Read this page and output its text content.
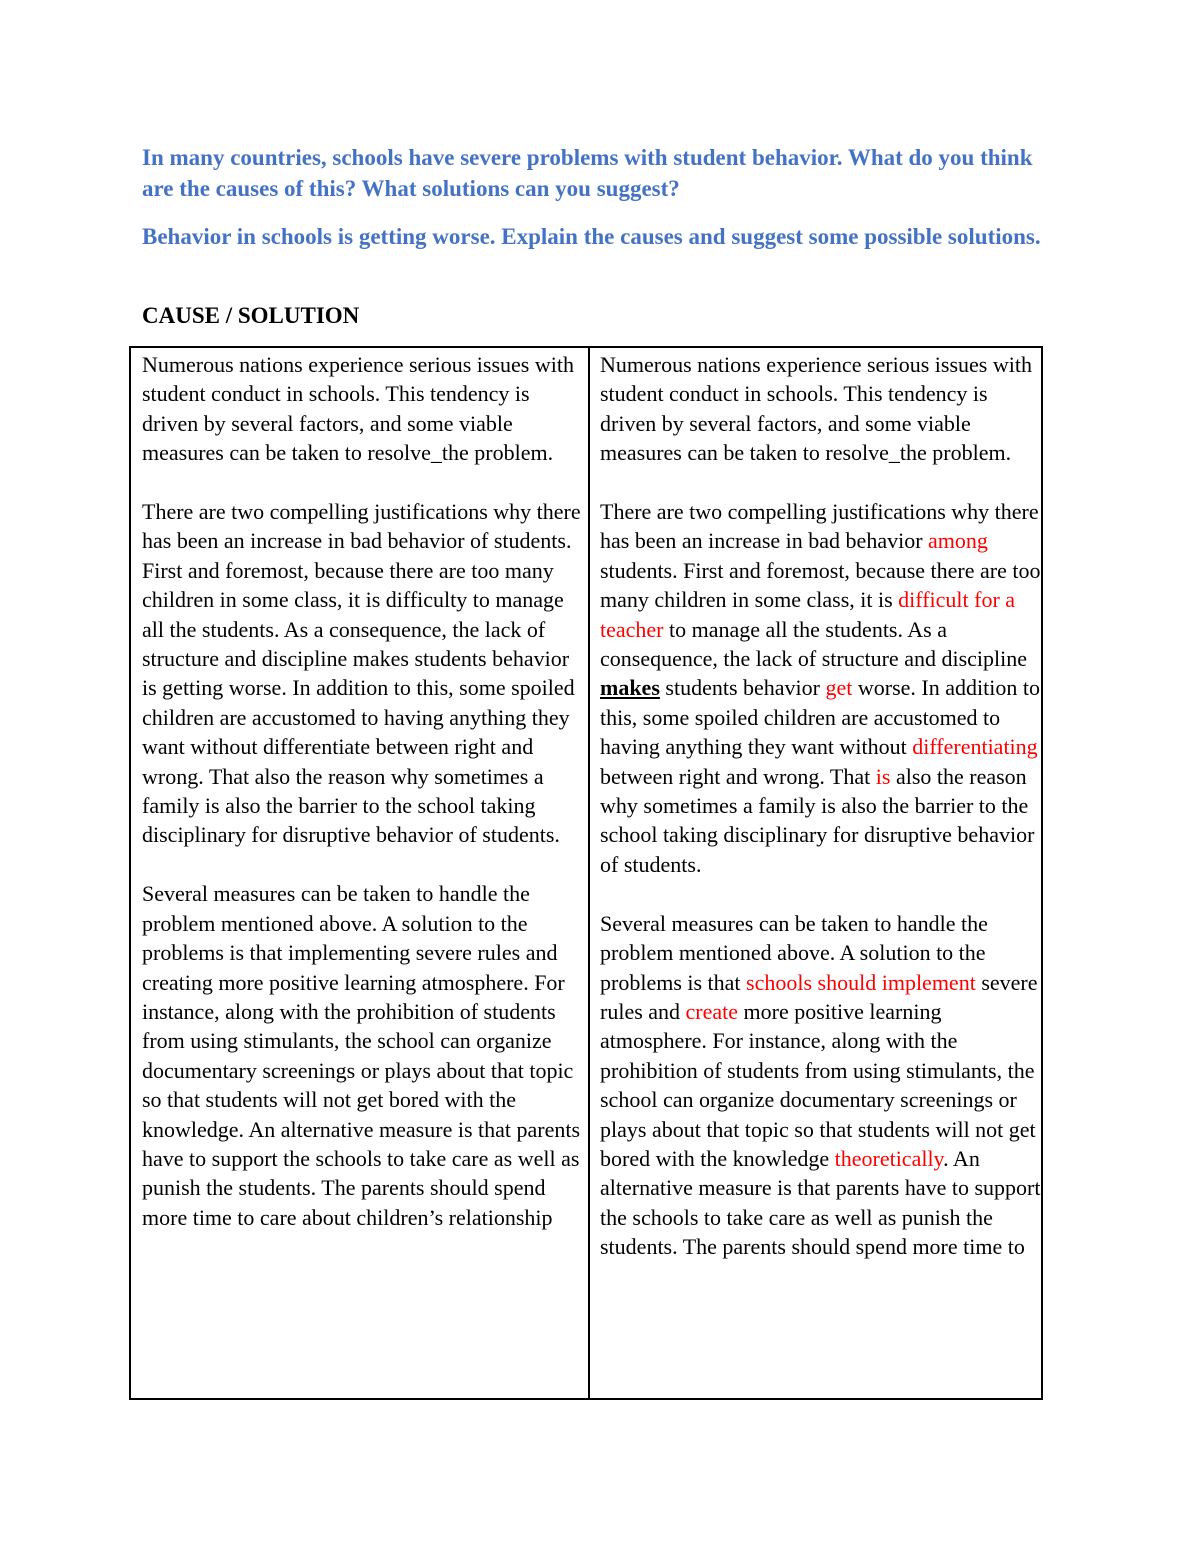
In many countries, schools have severe problems with student behavior. What do you think are the causes of this? What solutions can you suggest?

Behavior in schools is getting worse. Explain the causes and suggest some possible solutions.

CAUSE / SOLUTION

Numerous nations experience serious issues with student conduct in schools. This tendency is driven by several factors, and some viable measures can be taken to resolve_the problem.

There are two compelling justifications why there has been an increase in bad behavior of students. First and foremost, because there are too many children in some class, it is difficulty to manage all the students. As a consequence, the lack of structure and discipline makes students behavior is getting worse. In addition to this, some spoiled children are accustomed to having anything they want without differentiate between right and wrong. That also the reason why sometimes a family is also the barrier to the school taking disciplinary for disruptive behavior of students.

Several measures can be taken to handle the problem mentioned above. A solution to the problems is that implementing severe rules and creating more positive learning atmosphere. For instance, along with the prohibition of students from using stimulants, the school can organize documentary screenings or plays about that topic so that students will not get bored with the knowledge. An alternative measure is that parents have to support the schools to take care as well as punish the students. The parents should spend more time to care about children’s relationship

Numerous nations experience serious issues with student conduct in schools. This tendency is driven by several factors, and some viable measures can be taken to resolve_the problem.

There are two compelling justifications why there has been an increase in bad behavior among students. First and foremost, because there are too many children in some class, it is difficult for a teacher to manage all the students. As a consequence, the lack of structure and discipline makes students behavior get worse. In addition to this, some spoiled children are accustomed to having anything they want without differentiating between right and wrong. That is also the reason why sometimes a family is also the barrier to the school taking disciplinary for disruptive behavior of students.

Several measures can be taken to handle the problem mentioned above. A solution to the problems is that schools should implement severe rules and create more positive learning atmosphere. For instance, along with the prohibition of students from using stimulants, the school can organize documentary screenings or plays about that topic so that students will not get bored with the knowledge theoretically. An alternative measure is that parents have to support the schools to take care as well as punish the students. The parents should spend more time to
